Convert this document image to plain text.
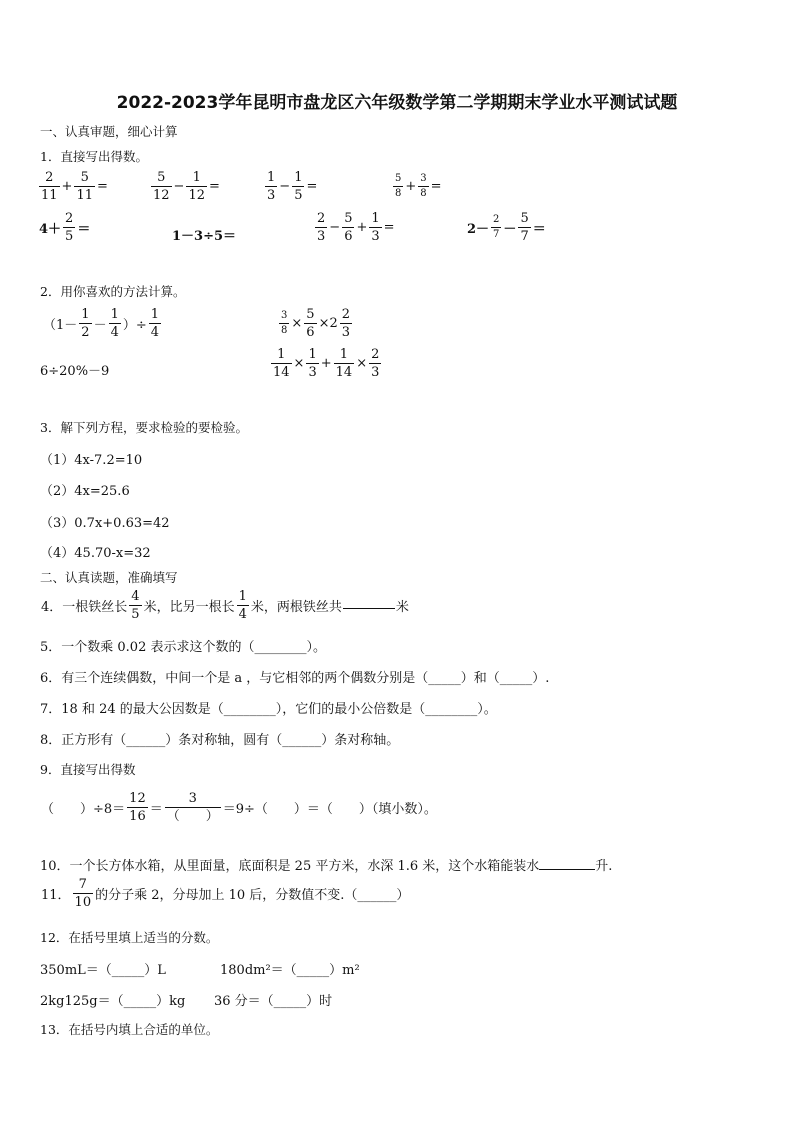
2022-2023学年昆明市盘龙区六年级数学第二学期期末学业水平测试试题
一、认真审题，细心计算
1．直接写出得数。
$\frac{2}{11} + \frac{5}{11}$ =	$\frac{5}{12} - \frac{1}{12}$ =	$\frac{1}{3} - \frac{1}{5}$ =	$\frac{5}{8} + \frac{3}{8}$ =
$4+ \frac{2}{5}$ ＝	1－3÷5＝	$\frac{2}{3} - \frac{5}{6} + \frac{1}{3}$ =	$2- \frac{2}{7} - \frac{5}{7}$ ＝
2．用你喜欢的方法计算。
（$1- \frac{1}{2} - \frac{1}{4}$ ）÷ $\frac{1}{4}$	$\frac{3}{8} \times \frac{5}{6} \times 2 \frac{2}{3}$
6÷20%－9	$\frac{1}{14} \times \frac{1}{3} + \frac{1}{14} \times \frac{2}{3}$
3．解下列方程，要求检验的要检验。
（1）4x-7.2=10
（2）4x=25.6
（3）0.7x+0.63=42
（4）45.70-x=32
二、认真读题，准确填写
4．一根铁丝长 $\frac{4}{5}$ 米，比另一根长 $\frac{1}{4}$ 米，两根铁丝共	米
5．一个数乘 0.02 表示求这个数的（________）。
6．有三个连续偶数，中间一个是 a ，与它相邻的两个偶数分别是（_____）和（_____）.
7．18 和 24 的最大公因数是（________），它们的最小公倍数是（________）。
8．正方形有（______）条对称轴，圆有（______）条对称轴。
9．直接写出得数
（　　）$\div 8= \frac{12}{16} = \frac{3}{( )} =9\div$（　　）＝（　　）（填小数）。
10．一个长方体水箱，从里面量，底面积是 25 平方米，水深 1.6 米，这个水箱能装水	升.
11． $\frac{7}{10}$ 的分子乘 2，分母加上 10 后，分数值不变.（______）
12．在括号里填上适当的分数。
350mL＝（_____）L	180dm²＝（_____）m²
2kg125g＝（_____）kg 36 分＝（_____）时
13．在括号内填上合适的单位。
